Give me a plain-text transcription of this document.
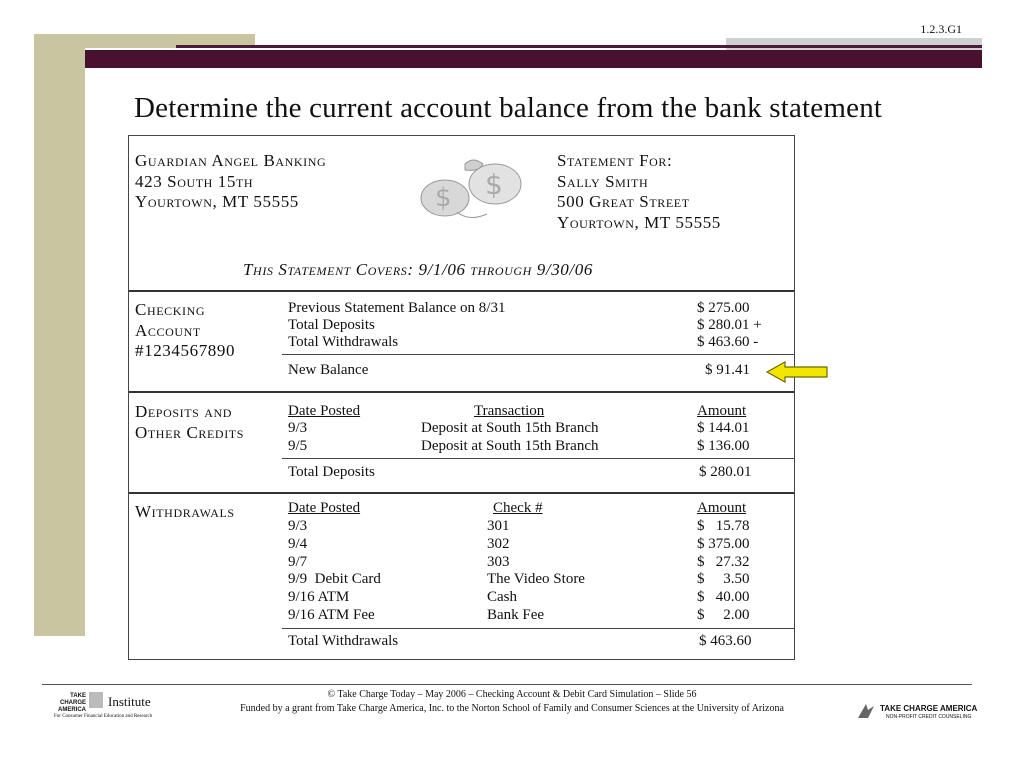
1.2.3.G1
Determine the current account balance from the bank statement
Guardian Angel Banking
423 South 15th
Yourtown, MT 55555	$ $
Statement For:
Sally Smith
500 Great Street
Yourtown, MT 55555
This Statement Covers: 9/1/06 through 9/30/06
Checking
Account
#1234567890
Previous Statement Balance on 8/31	$ 275.00
Total Deposits	$ 280.01 +
Total Withdrawals	$ 463.60 -
New Balance	$ 91.41
Deposits and
Other Credits
Date Posted	Transaction	Amount
9/3	Deposit at South 15th Branch	$ 144.01
9/5	Deposit at South 15th Branch	$ 136.00
Total Deposits	$ 280.01
Withdrawals	Date Posted	Check #	Amount
9/3	301	$   15.78
9/4	302	$ 375.00
9/7	303	$   27.32
9/9  Debit Card	The Video Store	$     3.50
9/16 ATM	Cash	$   40.00
9/16 ATM Fee	Bank Fee	$     2.00
Total Withdrawals	$ 463.60
© Take Charge Today – May 2006 – Checking Account & Debit Card Simulation – Slide 56
Funded by a grant from Take Charge America, Inc. to the Norton School of Family and Consumer Sciences at the University of Arizona
TAKE
CHARGE
AMERICA
Institute
For Consumer Financial Education and Research
TAKE CHARGE AMERICA
NON-PROFIT CREDIT COUNSELING
